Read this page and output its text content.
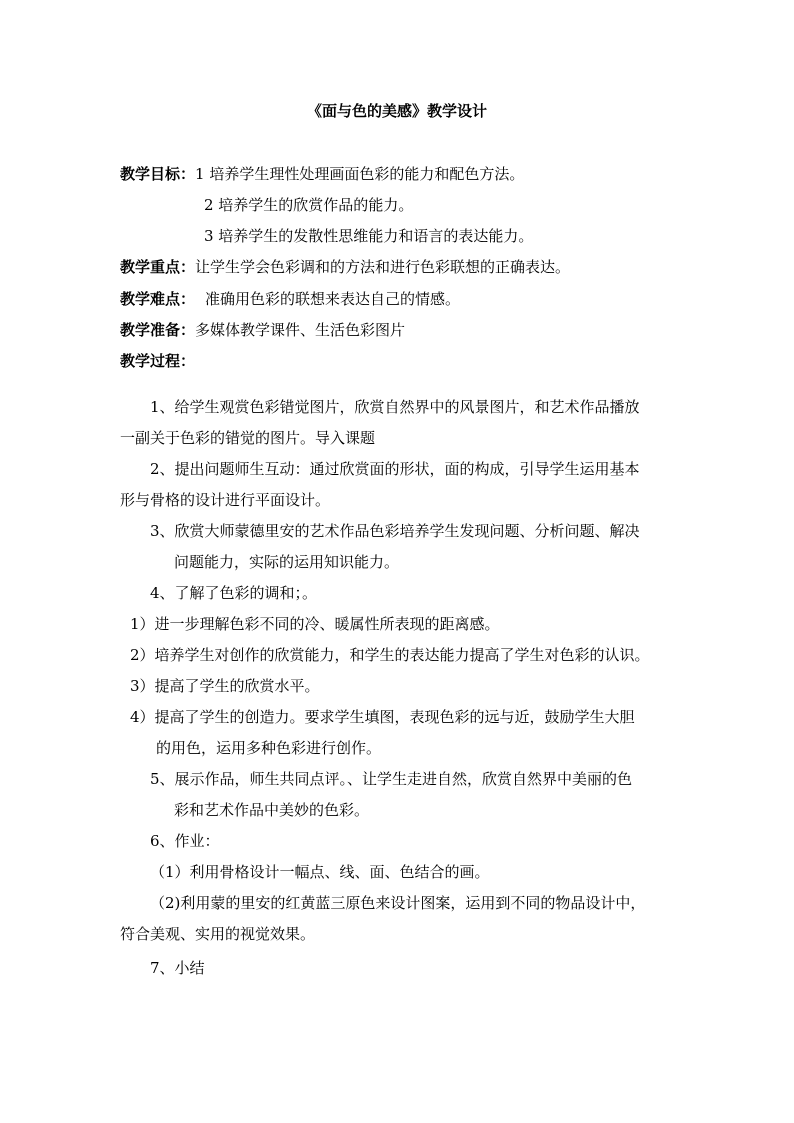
《面与色的美感》教学设计
教学目标：1 培养学生理性处理画面色彩的能力和配色方法。
2 培养学生的欣赏作品的能力。
3 培养学生的发散性思维能力和语言的表达能力。
教学重点：让学生学会色彩调和的方法和进行色彩联想的正确表达。
教学难点： 准确用色彩的联想来表达自己的情感。
教学准备：多媒体教学课件、生活色彩图片
教学过程：
1、给学生观赏色彩错觉图片，欣赏自然界中的风景图片，和艺术作品播放
一副关于色彩的错觉的图片。导入课题
2、提出问题师生互动：通过欣赏面的形状，面的构成，引导学生运用基本
形与骨格的设计进行平面设计。
3、欣赏大师蒙德里安的艺术作品色彩培养学生发现问题、分析问题、解决
问题能力，实际的运用知识能力。
4、了解了色彩的调和；。
1）进一步理解色彩不同的冷、暖属性所表现的距离感。
2）培养学生对创作的欣赏能力，和学生的表达能力提高了学生对色彩的认识。
3）提高了学生的欣赏水平。
4）提高了学生的创造力。要求学生填图，表现色彩的远与近，鼓励学生大胆
的用色，运用多种色彩进行创作。
5、展示作品，师生共同点评。、让学生走进自然，欣赏自然界中美丽的色
彩和艺术作品中美妙的色彩。
6、作业：
（1）利用骨格设计一幅点、线、面、色结合的画。
（2)利用蒙的里安的红黄蓝三原色来设计图案，运用到不同的物品设计中，
符合美观、实用的视觉效果。
7、小结
